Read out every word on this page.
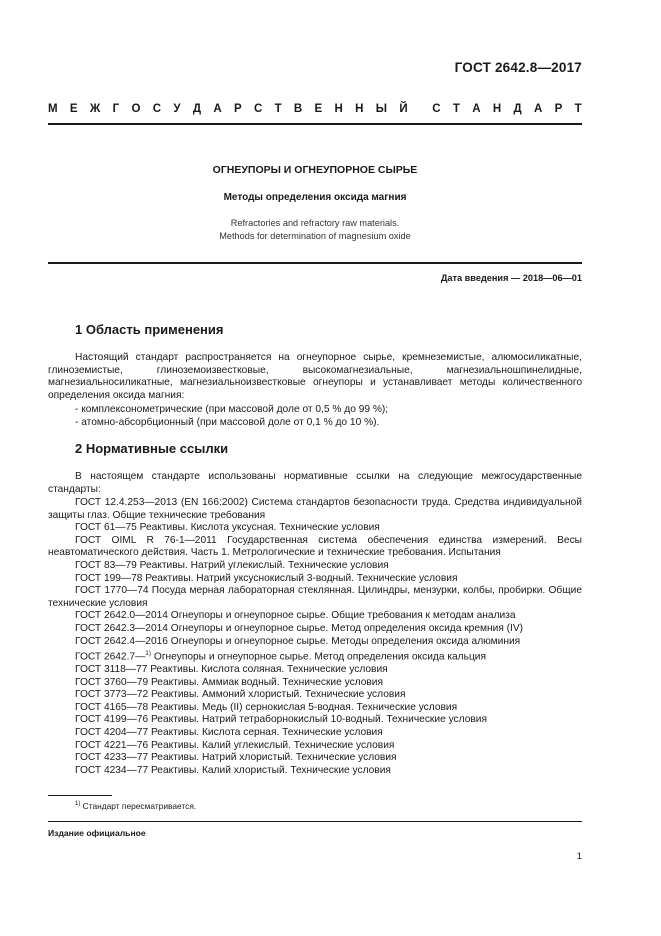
ГОСТ 2642.8—2017
М Е Ж Г О С У Д А Р С Т В Е Н Н Ы Й С Т А Н Д А Р Т
ОГНЕУПОРЫ И ОГНЕУПОРНОЕ СЫРЬЕ
Методы определения оксида магния
Refractories and refractory raw materials.
Methods for determination of magnesium oxide
Дата введения — 2018—06—01
1 Область применения
Настоящий стандарт распространяется на огнеупорное сырье, кремнеземистые, алюмосиликатные, глиноземистые, глиноземоизвестковые, высокомагнезиальные, магнезиальношпинелидные, магнезиальносиликатные, магнезиальноизвестковые огнеупоры и устанавливает методы количественного определения оксида магния:
- комплексонометрические (при массовой доле от 0,5 % до 99 %);
- атомно-абсорбционный (при массовой доле от 0,1 % до 10 %).
2 Нормативные ссылки
В настоящем стандарте использованы нормативные ссылки на следующие межгосударственные стандарты:

ГОСТ 12.4.253—2013 (EN 166:2002) Система стандартов безопасности труда. Средства индивидуальной защиты глаз. Общие технические требования

ГОСТ 61—75 Реактивы. Кислота уксусная. Технические условия

ГОСТ OIML R 76-1—2011 Государственная система обеспечения единства измерений. Весы неавтоматического действия. Часть 1. Метрологические и технические требования. Испытания

ГОСТ 83—79 Реактивы. Натрий углекислый. Технические условия

ГОСТ 199—78 Реактивы. Натрий уксуснокислый 3-водный. Технические условия

ГОСТ 1770—74 Посуда мерная лабораторная стеклянная. Цилиндры, мензурки, колбы, пробирки. Общие технические условия

ГОСТ 2642.0—2014 Огнеупоры и огнеупорное сырье. Общие требования к методам анализа

ГОСТ 2642.3—2014 Огнеупоры и огнеупорное сырье. Метод определения оксида кремния (IV)

ГОСТ 2642.4—2016 Огнеупоры и огнеупорное сырье. Методы определения оксида алюминия

ГОСТ 2642.7—$^{1)}$ Огнеупоры и огнеупорное сырье. Метод определения оксида кальция

ГОСТ 3118—77 Реактивы. Кислота соляная. Технические условия

ГОСТ 3760—79 Реактивы. Аммиак водный. Технические условия

ГОСТ 3773—72 Реактивы. Аммоний хлористый. Технические условия

ГОСТ 4165—78 Реактивы. Медь (II) сернокислая 5-водная. Технические условия

ГОСТ 4199—76 Реактивы. Натрий тетраборнокислый 10-водный. Технические условия

ГОСТ 4204—77 Реактивы. Кислота серная. Технические условия

ГОСТ 4221—76 Реактивы. Калий углекислый. Технические условия

ГОСТ 4233—77 Реактивы. Натрий хлористый. Технические условия

ГОСТ 4234—77 Реактивы. Калий хлористый. Технические условия

$^{1)}$ Стандарт пересматривается.
Издание официальное
1
